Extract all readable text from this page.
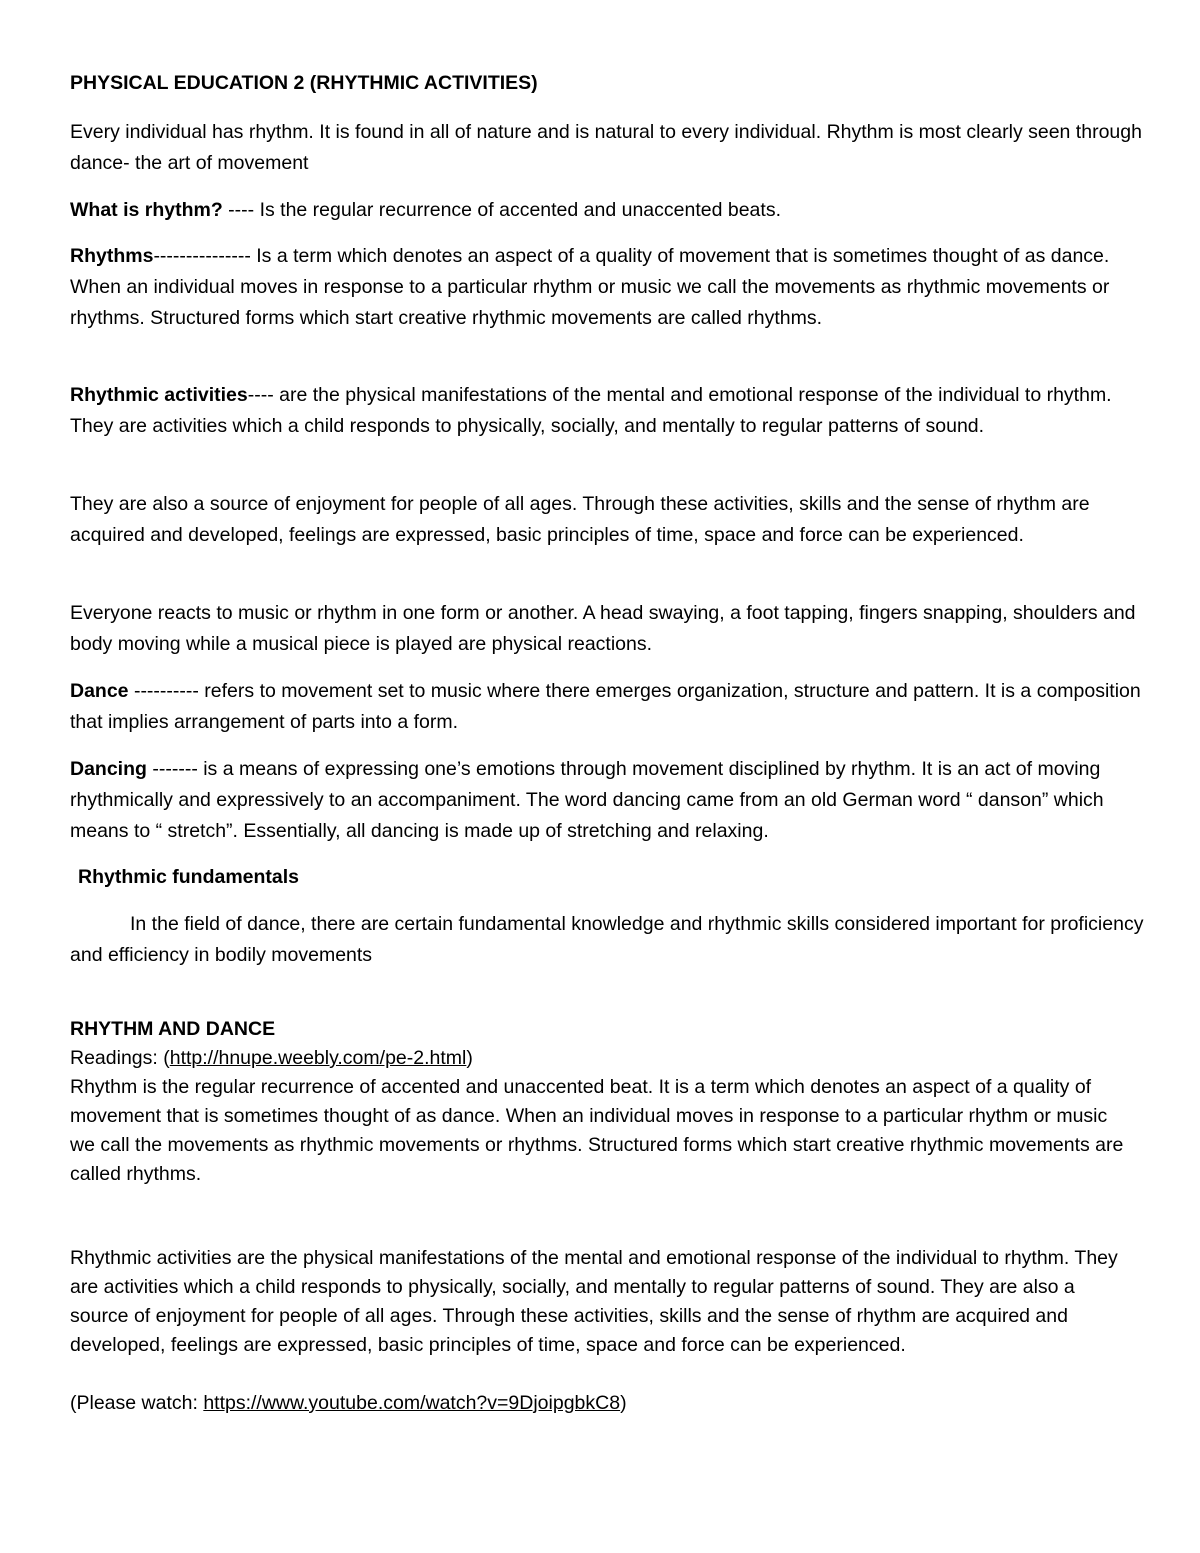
PHYSICAL EDUCATION 2 (RHYTHMIC ACTIVITIES)

Every individual has rhythm. It is found in all of nature and is natural to every individual. Rhythm is most clearly seen through dance- the art of movement

What is rhythm? ---- Is the regular recurrence of accented and unaccented beats.

Rhythms--------------- Is a term which denotes an aspect of a quality of movement that is sometimes thought of as dance. When an individual moves in response to a particular rhythm or music we call the movements as rhythmic movements or rhythms. Structured forms which start creative rhythmic movements are called rhythms.

Rhythmic activities---- are the physical manifestations of the mental and emotional response of the individual to rhythm. They are activities which a child responds to physically, socially, and mentally to regular patterns of sound.

They are also a source of enjoyment for people of all ages. Through these activities, skills and the sense of rhythm are acquired and developed, feelings are expressed, basic principles of time, space and force can be experienced.

Everyone reacts to music or rhythm in one form or another. A head swaying, a foot tapping, fingers snapping, shoulders and body moving while a musical piece is played are physical reactions.

Dance ---------- refers to movement set to music where there emerges organization, structure and pattern. It is a composition that implies arrangement of parts into a form.

Dancing ------- is a means of expressing one’s emotions through movement disciplined by rhythm. It is an act of moving rhythmically and expressively to an accompaniment. The word dancing came from an old German word “ danson” which means to “ stretch”. Essentially, all dancing is made up of stretching and relaxing.

Rhythmic fundamentals

In the field of dance, there are certain fundamental knowledge and rhythmic skills considered important for proficiency and efficiency in bodily movements

RHYTHM AND DANCE

Readings: (http://hnupe.weebly.com/pe-2.html)

Rhythm is the regular recurrence of accented and unaccented beat. It is a term which denotes an aspect of a quality of movement that is sometimes thought of as dance. When an individual moves in response to a particular rhythm or music we call the movements as rhythmic movements or rhythms. Structured forms which start creative rhythmic movements are called rhythms.

Rhythmic activities are the physical manifestations of the mental and emotional response of the individual to rhythm. They are activities which a child responds to physically, socially, and mentally to regular patterns of sound. They are also a source of enjoyment for people of all ages. Through these activities, skills and the sense of rhythm are acquired and developed, feelings are expressed, basic principles of time, space and force can be experienced.

(Please watch: https://www.youtube.com/watch?v=9DjoipgbkC8)
